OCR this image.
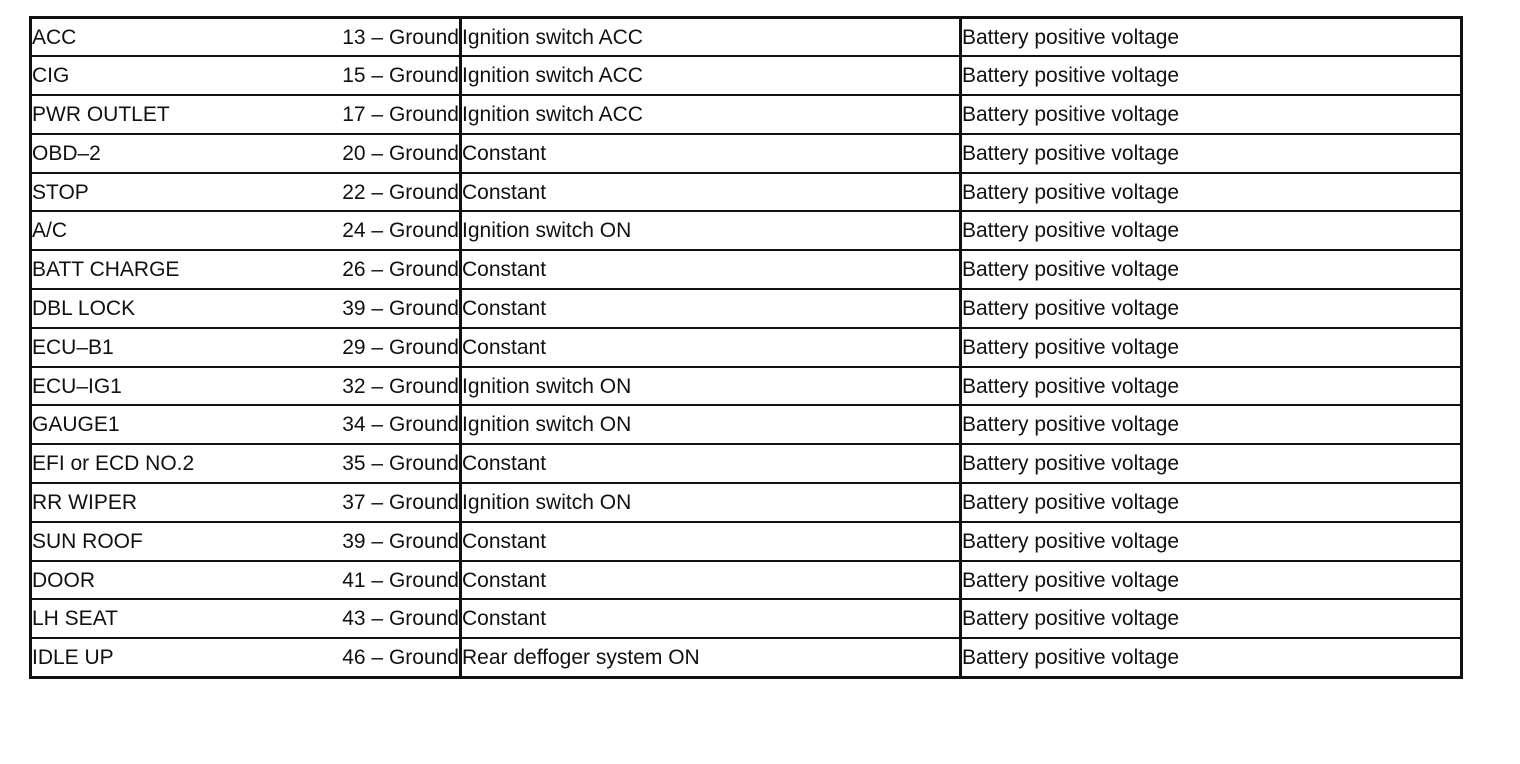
ACC 13 – Ground	Ignition switch ACC	Battery positive voltage

CIG 15 – Ground	Ignition switch ACC	Battery positive voltage

PWR OUTLET 17 – Ground	Ignition switch ACC	Battery positive voltage

OBD–2 20 – Ground	Constant	Battery positive voltage

STOP 22 – Ground	Constant	Battery positive voltage

A/C 24 – Ground	Ignition switch ON	Battery positive voltage

BATT CHARGE 26 – Ground	Constant	Battery positive voltage

DBL LOCK 39 – Ground	Constant	Battery positive voltage

ECU–B1 29 – Ground	Constant	Battery positive voltage

ECU–IG1 32 – Ground	Ignition switch ON	Battery positive voltage

GAUGE1 34 – Ground	Ignition switch ON	Battery positive voltage

EFI or ECD NO.2 35 – Ground	Constant	Battery positive voltage

RR WIPER 37 – Ground	Ignition switch ON	Battery positive voltage

SUN ROOF 39 – Ground	Constant	Battery positive voltage

DOOR 41 – Ground	Constant	Battery positive voltage

LH SEAT 43 – Ground	Constant	Battery positive voltage

IDLE UP 46 – Ground	Rear deffoger system ON	Battery positive voltage
